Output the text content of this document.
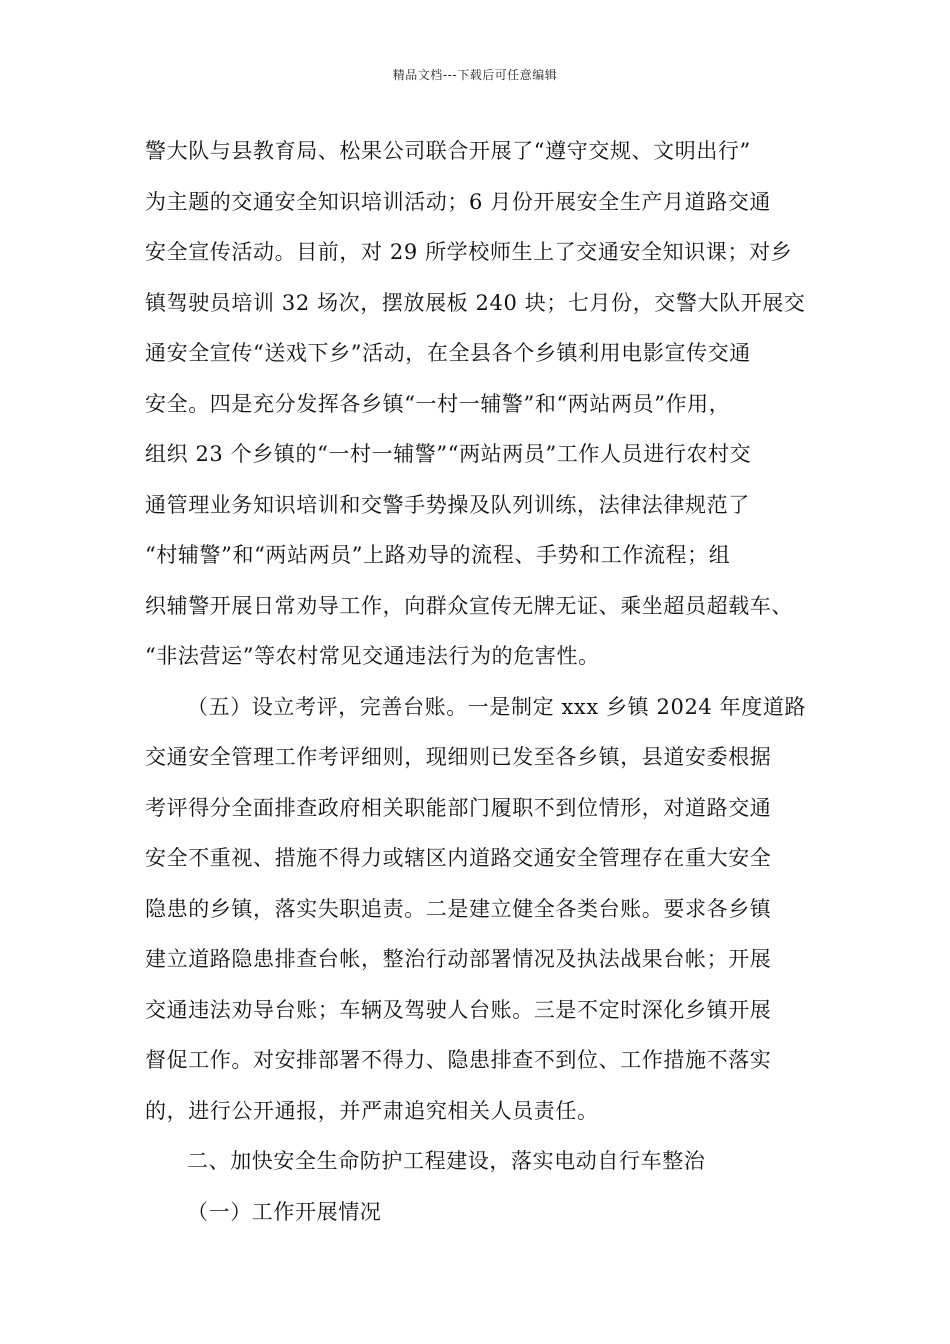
精品文档---下载后可任意编辑
警大队与县教育局、松果公司联合开展了“遵守交规、文明出行”
为主题的交通安全知识培训活动；6 月份开展安全生产月道路交通
安全宣传活动。目前，对 29 所学校师生上了交通安全知识课；对乡
镇驾驶员培训 32 场次，摆放展板 240 块；七月份，交警大队开展交
通安全宣传“送戏下乡”活动，在全县各个乡镇利用电影宣传交通
安全。四是充分发挥各乡镇“一村一辅警”和“两站两员”作用，
组织 23 个乡镇的“一村一辅警”“两站两员”工作人员进行农村交
通管理业务知识培训和交警手势操及队列训练，法律法律规范了
“村辅警”和“两站两员”上路劝导的流程、手势和工作流程；组
织辅警开展日常劝导工作，向群众宣传无牌无证、乘坐超员超载车、
“非法营运”等农村常见交通违法行为的危害性。
（五）设立考评，完善台账。一是制定 xxx 乡镇 2024 年度道路
交通安全管理工作考评细则，现细则已发至各乡镇，县道安委根据
考评得分全面排查政府相关职能部门履职不到位情形，对道路交通
安全不重视、措施不得力或辖区内道路交通安全管理存在重大安全
隐患的乡镇，落实失职追责。二是建立健全各类台账。要求各乡镇
建立道路隐患排查台帐，整治行动部署情况及执法战果台帐；开展
交通违法劝导台账；车辆及驾驶人台账。三是不定时深化乡镇开展
督促工作。对安排部署不得力、隐患排查不到位、工作措施不落实
的，进行公开通报，并严肃追究相关人员责任。
二、加快安全生命防护工程建设，落实电动自行车整治
（一）工作开展情况
